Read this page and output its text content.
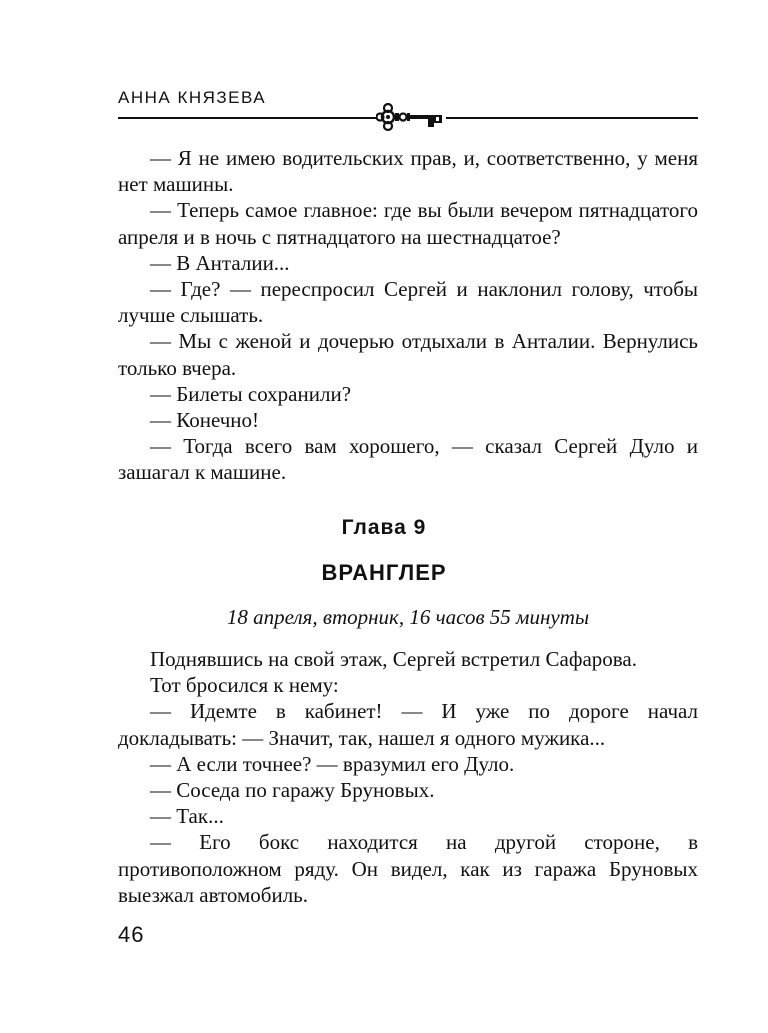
АННА КНЯЗЕВА

— Я не имею водительских прав, и, соответственно, у меня нет машины.

— Теперь самое главное: где вы были вечером пятнадцатого апреля и в ночь с пятнадцатого на шестнадцатое?

— В Анталии...

— Где? — переспросил Сергей и наклонил голову, чтобы лучше слышать.

— Мы с женой и дочерью отдыхали в Анталии. Вернулись только вчера.

— Билеты сохранили?

— Конечно!

— Тогда всего вам хорошего, — сказал Сергей Дуло и зашагал к машине.

Глава 9
ВРАНГЛЕР
18 апреля, вторник, 16 часов 55 минуты

Поднявшись на свой этаж, Сергей встретил Сафарова.

Тот бросился к нему:

— Идемте в кабинет! — И уже по дороге начал докладывать: — Значит, так, нашел я одного мужика...

— А если точнее? — вразумил его Дуло.

— Соседа по гаражу Бруновых.

— Так...

— Его бокс находится на другой стороне, в противоположном ряду. Он видел, как из гаража Бруновых выезжал автомобиль.

46
